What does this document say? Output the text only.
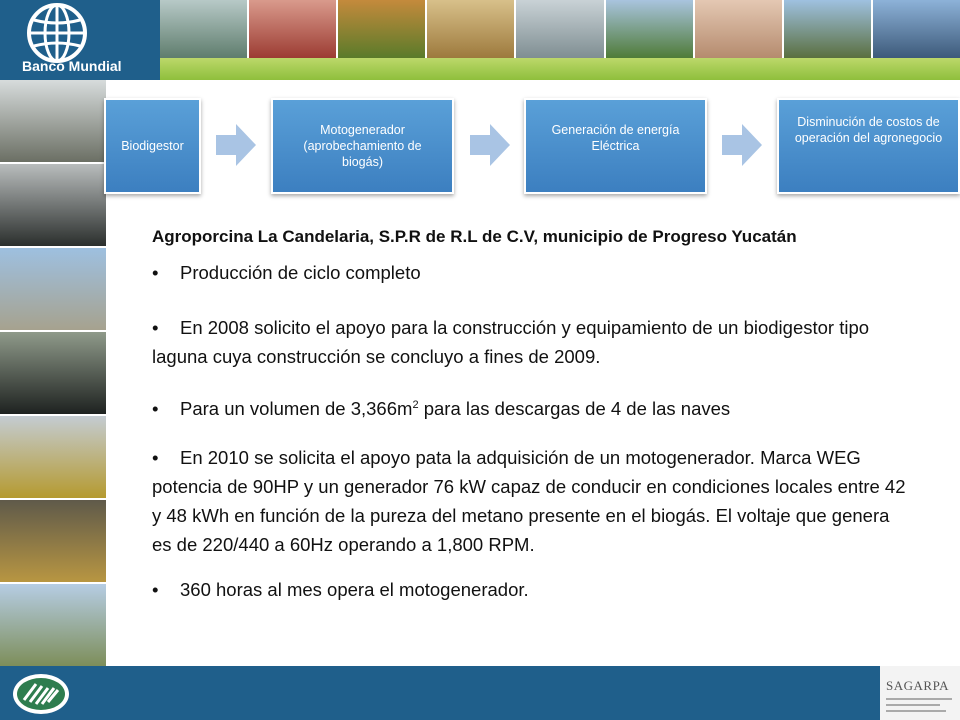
Banco Mundial
Biodigestor
Motogenerador (aprobechamiento de biogás)
Generación de energía Eléctrica
Disminución de costos de operación del agronegocio

Agroporcina La Candelaria, S.P.R de R.L de C.V, municipio de Progreso Yucatán

• Producción de ciclo completo

• En 2008 solicito el apoyo para la construcción y equipamiento de un biodigestor tipo laguna cuya construcción se concluyo a fines de 2009.

• Para un volumen de $3,366m^2$ para las descargas de 4 de las naves

• En 2010 se solicita el apoyo pata la adquisición de un motogenerador. Marca WEG potencia de 90HP y un generador 76 kW capaz de conducir en condiciones locales entre 42 y 48 kWh en función de la pureza del metano presente en el biogás. El voltaje que genera es de 220/440 a 60Hz operando a 1,800 RPM.

• 360 horas al mes opera el motogenerador.

SAGARPA
